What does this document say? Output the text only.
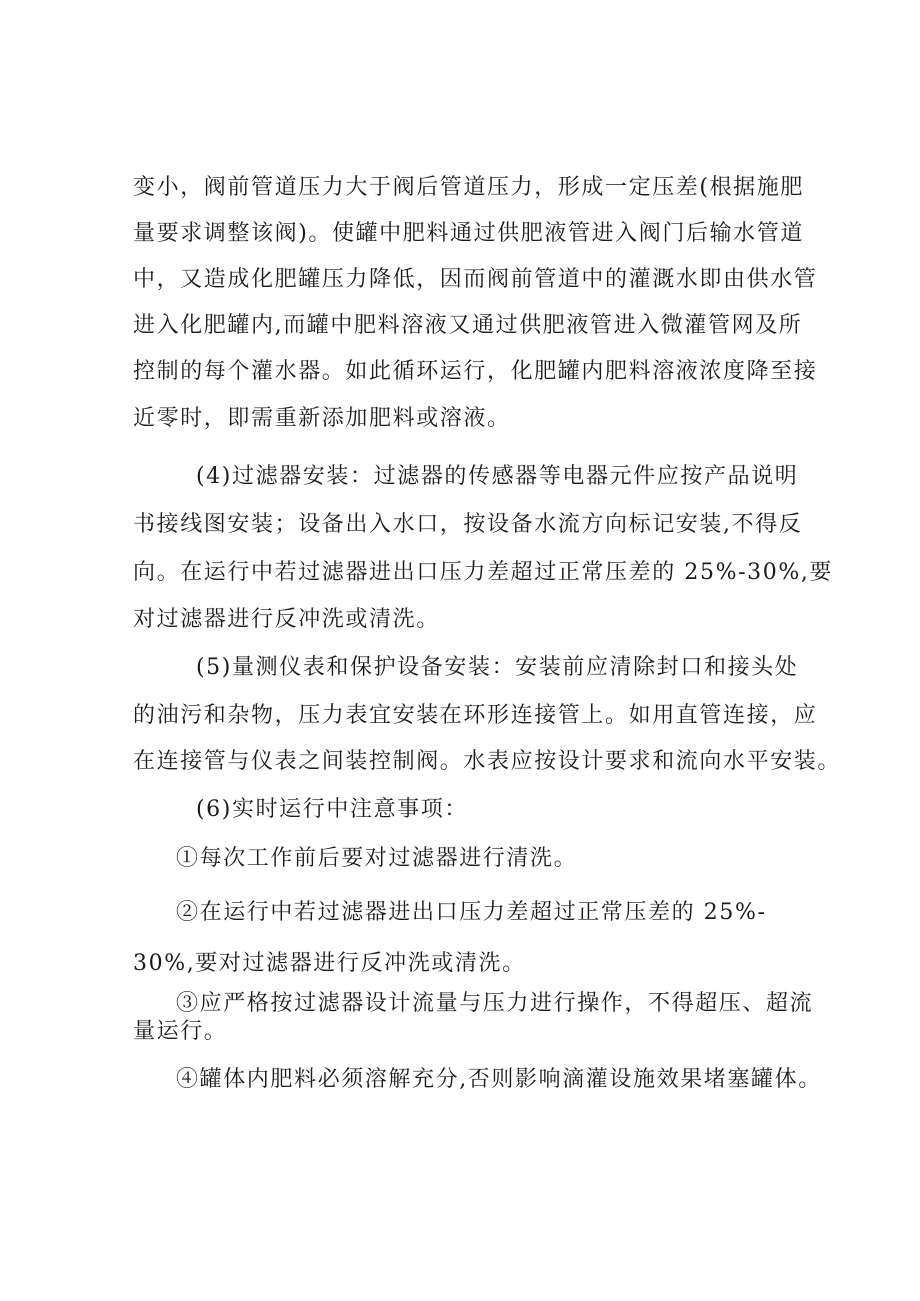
变小，阀前管道压力大于阀后管道压力，形成一定压差(根据施肥
量要求调整该阀)。使罐中肥料通过供肥液管进入阀门后输水管道
中，又造成化肥罐压力降低，因而阀前管道中的灌溉水即由供水管
进入化肥罐内,而罐中肥料溶液又通过供肥液管进入微灌管网及所
控制的每个灌水器。如此循环运行，化肥罐内肥料溶液浓度降至接
近零时，即需重新添加肥料或溶液。
(4)过滤器安装：过滤器的传感器等电器元件应按产品说明
书接线图安装；设备出入水口，按设备水流方向标记安装,不得反
向。在运行中若过滤器进出口压力差超过正常压差的 25%-30%,要
对过滤器进行反冲洗或清洗。
(5)量测仪表和保护设备安装：安装前应清除封口和接头处
的油污和杂物，压力表宜安装在环形连接管上。如用直管连接，应
在连接管与仪表之间装控制阀。水表应按设计要求和流向水平安装。
(6)实时运行中注意事项：
①每次工作前后要对过滤器进行清洗。
②在运行中若过滤器进出口压力差超过正常压差的 25%-
30%,要对过滤器进行反冲洗或清洗。
③应严格按过滤器设计流量与压力进行操作，不得超压、超流
量运行。
④罐体内肥料必须溶解充分,否则影响滴灌设施效果堵塞罐体。
